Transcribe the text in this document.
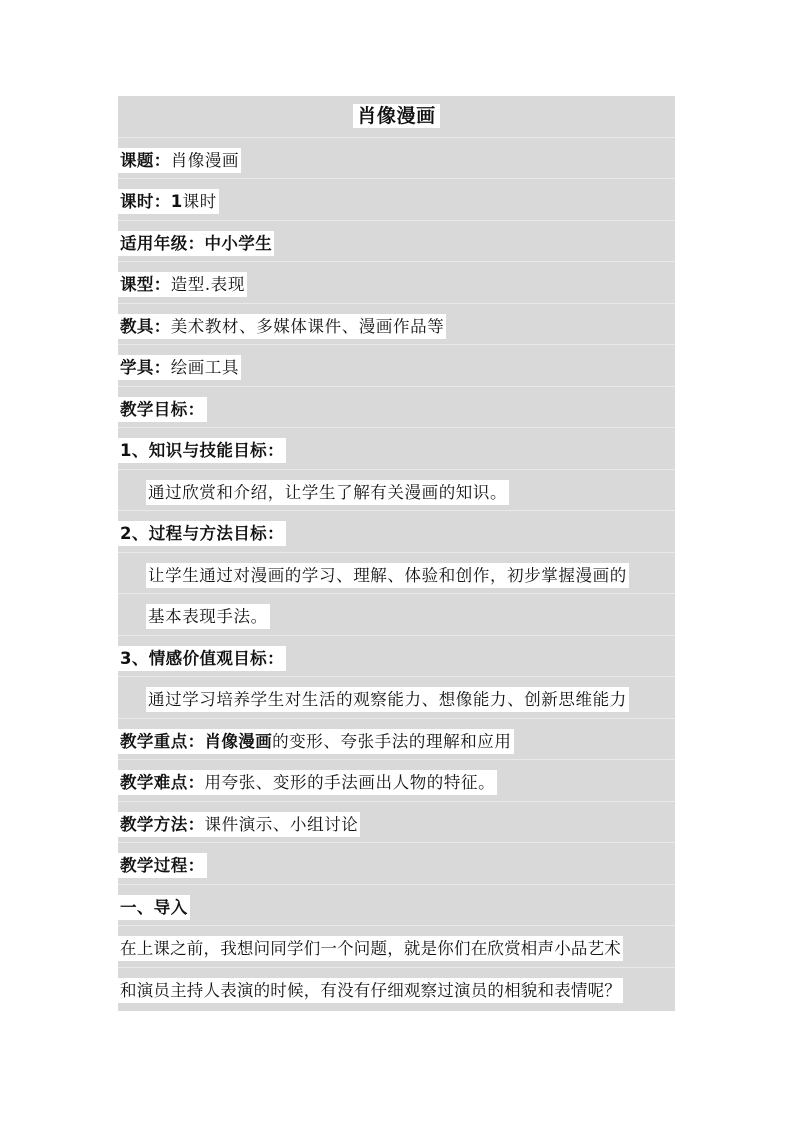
肖像漫画
课题：肖像漫画
课时：1课时
适用年级：中小学生
课型：造型.表现
教具：美术教材、多媒体课件、漫画作品等
学具：绘画工具
教学目标：
1、知识与技能目标：
通过欣赏和介绍，让学生了解有关漫画的知识。
2、过程与方法目标：
让学生通过对漫画的学习、理解、体验和创作，初步掌握漫画的
基本表现手法。
3、情感价值观目标：
通过学习培养学生对生活的观察能力、想像能力、创新思维能力
教学重点：肖像漫画的变形、夸张手法的理解和应用
教学难点：用夸张、变形的手法画出人物的特征。
教学方法：课件演示、小组讨论
教学过程：
一、导入
在上课之前，我想问同学们一个问题，就是你们在欣赏相声小品艺术
和演员主持人表演的时候，有没有仔细观察过演员的相貌和表情呢？
